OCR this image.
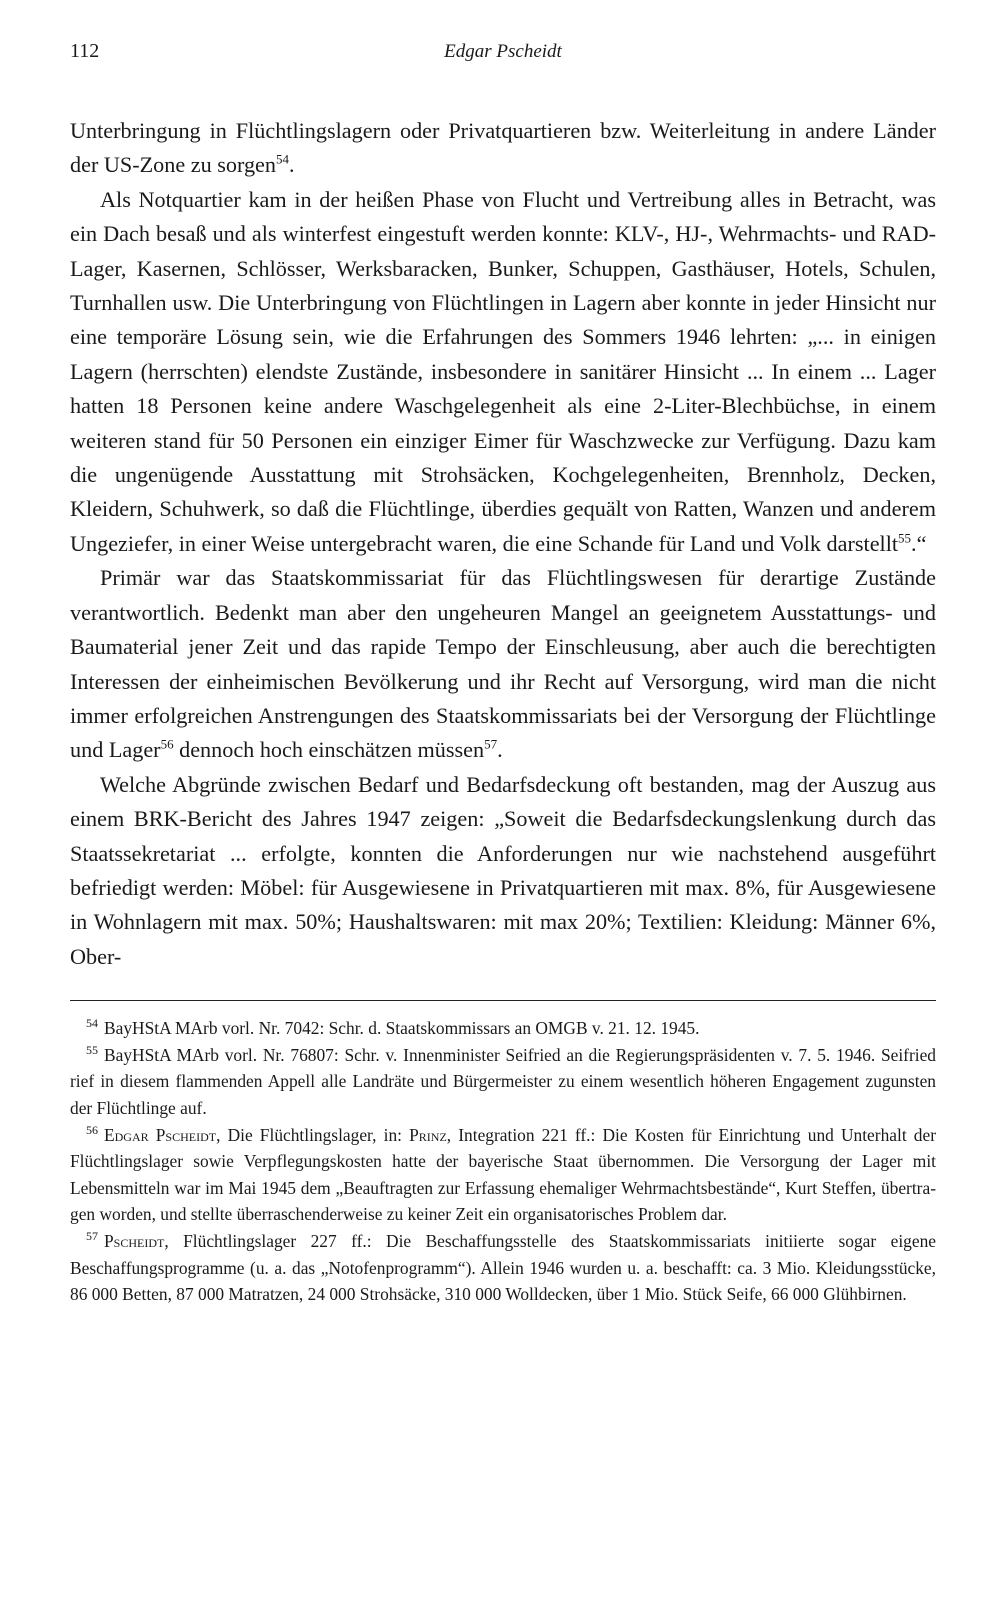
112	Edgar Pscheidt

Unterbringung in Flüchtlingslagern oder Privatquartieren bzw. Weiterleitung in andere Länder der US-Zone zu sorgen$^{54}$.

Als Notquartier kam in der heißen Phase von Flucht und Vertreibung alles in Betracht, was ein Dach besaß und als winterfest eingestuft werden konnte: KLV-, HJ-, Wehrmachts- und RAD-Lager, Kasernen, Schlösser, Werksbaracken, Bunker, Schuppen, Gasthäuser, Hotels, Schulen, Turnhallen usw. Die Unterbringung von Flüchtlingen in Lagern aber konnte in jeder Hinsicht nur eine temporäre Lösung sein, wie die Erfahrungen des Sommers 1946 lehrten: „... in einigen Lagern (herrschten) elendste Zustände, insbesondere in sanitärer Hinsicht ... In einem ... Lager hatten 18 Personen keine andere Waschgelegenheit als eine 2-Liter-Blechbüchse, in einem weiteren stand für 50 Personen ein einziger Eimer für Waschzwecke zur Verfügung. Dazu kam die ungenügende Ausstattung mit Strohsäcken, Kochgelegenheiten, Brennholz, Decken, Kleidern, Schuhwerk, so daß die Flüchtlinge, überdies gequält von Ratten, Wanzen und anderem Ungeziefer, in einer Weise untergebracht waren, die eine Schande für Land und Volk darstellt$^{55}$.“

Primär war das Staatskommissariat für das Flüchtlingswesen für derartige Zustände verantwortlich. Bedenkt man aber den ungeheuren Mangel an geeignetem Ausstattungs- und Baumaterial jener Zeit und das rapide Tempo der Einschleusung, aber auch die berechtigten Interessen der einheimischen Bevölkerung und ihr Recht auf Versorgung, wird man die nicht immer erfolgreichen Anstrengungen des Staatskommissariats bei der Versorgung der Flüchtlinge und Lager$^{56}$ dennoch hoch einschätzen müssen$^{57}$.

Welche Abgründe zwischen Bedarf und Bedarfsdeckung oft bestanden, mag der Auszug aus einem BRK-Bericht des Jahres 1947 zeigen: „Soweit die Bedarfsdeckungslenkung durch das Staatssekretariat ... erfolgte, konnten die Anforderungen nur wie nachstehend ausgeführt befriedigt werden: Möbel: für Ausgewiesene in Privatquartieren mit max. 8%, für Ausgewiesene in Wohnlagern mit max. 50%; Haushaltswaren: mit max 20%; Textilien: Kleidung: Männer 6%, Ober-

$^{54}$ BayHStA MArb vorl. Nr. 7042: Schr. d. Staatskommissars an OMGB v. 21. 12. 1945.

$^{55}$ BayHStA MArb vorl. Nr. 76807: Schr. v. Innenminister Seifried an die Regierungspräsidenten v. 7. 5. 1946. Seifried rief in diesem flammenden Appell alle Landräte und Bürgermeister zu einem wesentlich höheren Engagement zugunsten der Flüchtlinge auf.

$^{56}$ Edgar Pscheidt, Die Flüchtlingslager, in: Prinz, Integration 221 ff.: Die Kosten für Einrichtung und Unterhalt der Flüchtlingslager sowie Verpflegungskosten hatte der bayerische Staat übernommen. Die Versorgung der Lager mit Lebensmitteln war im Mai 1945 dem „Beauftragten zur Erfassung ehemaliger Wehrmachtsbestände“, Kurt Steffen, übertragen worden, und stellte überraschenderweise zu keiner Zeit ein organisatorisches Problem dar.

$^{57}$ Pscheidt, Flüchtlingslager 227 ff.: Die Beschaffungsstelle des Staatskommissariats initiierte sogar eigene Beschaffungsprogramme (u. a. das „Notofenprogramm“). Allein 1946 wurden u. a. beschafft: ca. 3 Mio. Kleidungsstücke, 86 000 Betten, 87 000 Matratzen, 24 000 Strohsäcke, 310 000 Wolldecken, über 1 Mio. Stück Seife, 66 000 Glühbirnen.
